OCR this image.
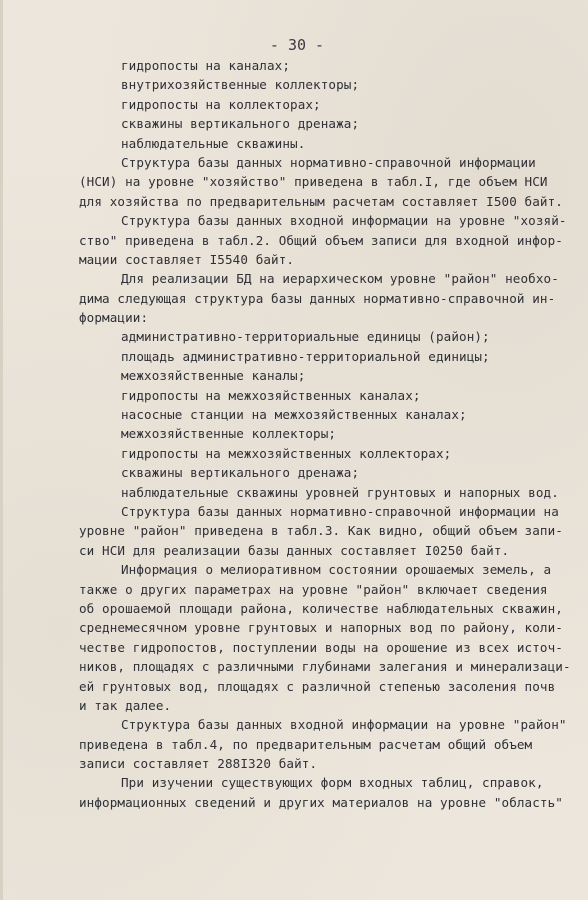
- 30 -
гидропосты на каналах;
внутрихозяйственные коллекторы;
гидропосты на коллекторах;
скважины вертикального дренажа;
наблюдательные скважины.
Структура базы данных нормативно-справочной информации
(НСИ) на уровне "хозяйство" приведена в табл.I, где объем НСИ
для хозяйства по предварительным расчетам составляет I500 байт.
Структура базы данных входной информации на уровне "хозяй-
ство" приведена в табл.2. Общий объем записи для входной инфор-
мации составляет I5540 байт.
Для реализации БД на иерархическом уровне "район" необхо-
дима следующая структура базы данных нормативно-справочной ин-
формации:
административно-территориальные единицы (район);
площадь административно-территориальной единицы;
межхозяйственные каналы;
гидропосты на межхозяйственных каналах;
насосные станции на межхозяйственных каналах;
межхозяйственные коллекторы;
гидропосты на межхозяйственных коллекторах;
скважины вертикального дренажа;
наблюдательные скважины уровней грунтовых и напорных вод.
Структура базы данных нормативно-справочной информации на
уровне "район" приведена в табл.3. Как видно, общий объем запи-
си НСИ для реализации базы данных составляет I0250 байт.
Информация о мелиоративном состоянии орошаемых земель, а
также о других параметрах на уровне "район" включает сведения
об орошаемой площади района, количестве наблюдательных скважин,
среднемесячном уровне грунтовых и напорных вод по району, коли-
честве гидропостов, поступлении воды на орошение из всех источ-
ников, площадях с различными глубинами залегания и минерализаци-
ей грунтовых вод, площадях с различной степенью засоления почв
и так далее.
Структура базы данных входной информации на уровне "район"
приведена в табл.4, по предварительным расчетам общий объем
записи составляет 288I320 байт.
При изучении существующих форм входных таблиц, справок,
информационных сведений и других материалов на уровне "область"
